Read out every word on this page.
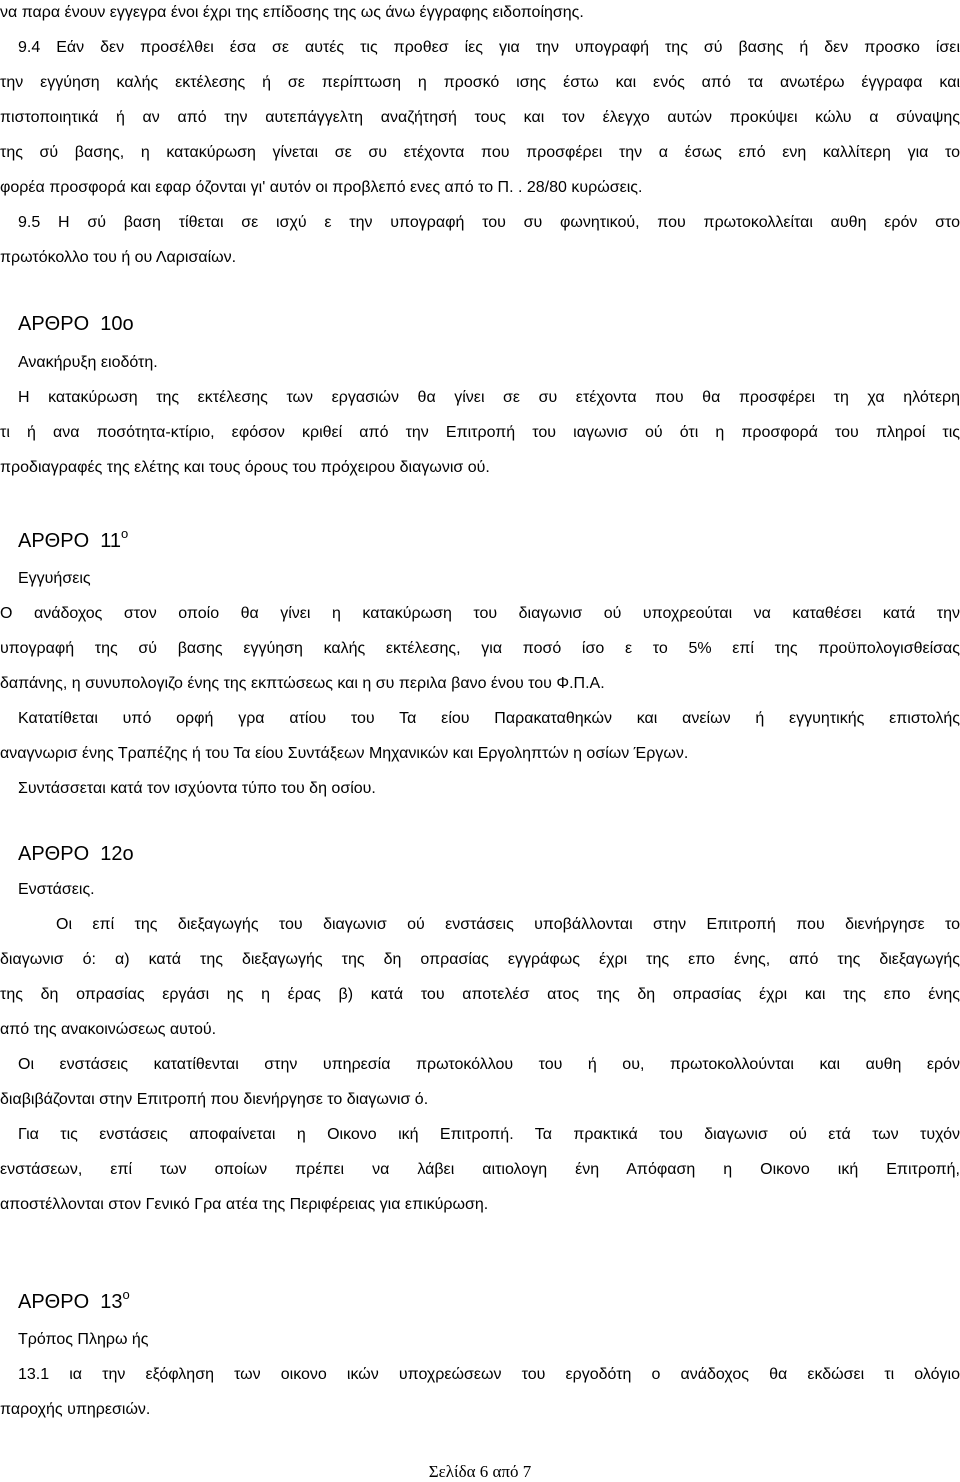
να παρα ένουν εγγεγρα ένοι έχρι της επίδοσης της ως άνω έγγραφης ειδοποίησης.

9.4 Εάν δεν προσέλθει έσα σε αυτές τις προθεσ ίες για την υπογραφή της σύ βασης ή δεν προσκο ίσει

την εγγύηση καλής εκτέλεσης ή σε περίπτωση η προσκό ισης έστω και ενός από τα ανωτέρω έγγραφα και

πιστοποιητικά ή αν από την αυτεπάγγελτη αναζήτησή τους και τον έλεγχο αυτών προκύψει κώλυ α σύναψης

της σύ βασης, η κατακύρωση γίνεται σε συ ετέχοντα που προσφέρει την α έσως επό ενη καλλίτερη για το

φορέα προσφορά και εφαρ όζονται γι' αυτόν οι προβλεπό ενες από το Π. . 28/80 κυρώσεις.

9.5 Η σύ βαση τίθεται σε ισχύ ε την υπογραφή του συ φωνητικού, που πρωτοκολλείται αυθη ερόν στο

πρωτόκολλο του ή ου Λαρισαίων.

ΑΡΘΡΟ  10ο

Ανακήρυξη ειοδότη.

Η κατακύρωση της εκτέλεσης των εργασιών θα γίνει σε συ ετέχοντα που θα προσφέρει τη χα ηλότερη

τι ή ανα ποσότητα-κτίριο, εφόσον κριθεί από την Επιτροπή του ιαγωνισ ού ότι η προσφορά του πληροί τις

προδιαγραφές της ελέτης και τους όρους του πρόχειρου διαγωνισ ού.

ΑΡΘΡΟ  $11^o$

Εγγυήσεις

Ο ανάδοχος στον οποίο θα γίνει η κατακύρωση του διαγωνισ ού υποχρεούται να καταθέσει κατά την

υπογραφή της σύ βασης εγγύηση καλής εκτέλεσης, για ποσό ίσο ε το 5% επί της προϋπολογισθείσας

δαπάνης, η συνυπολογιζο ένης της εκπτώσεως και η συ περιλα βανο ένου του Φ.Π.Α.

Κατατίθεται υπό ορφή γρα ατίου του Τα είου Παρακαταθηκών και ανείων ή εγγυητικής επιστολής

αναγνωρισ ένης Τραπέζης ή του Τα είου Συντάξεων Μηχανικών και Εργοληπτών η οσίων Έργων.

Συντάσσεται κατά τον ισχύοντα τύπο του δη οσίου.

ΑΡΘΡΟ  12ο

Ενστάσεις.

Οι επί της διεξαγωγής του διαγωνισ ού ενστάσεις υποβάλλονται στην Επιτροπή που διενήργησε το

διαγωνισ ό: α) κατά της διεξαγωγής της δη οπρασίας εγγράφως έχρι της επο ένης, από της διεξαγωγής

της δη οπρασίας εργάσι ης η έρας β) κατά του αποτελέσ ατος της δη οπρασίας έχρι και της επο ένης

από της ανακοινώσεως αυτού.

Οι ενστάσεις κατατίθενται στην υπηρεσία πρωτοκόλλου του ή ου, πρωτοκολλούνται και αυθη ερόν

διαβιβάζονται στην Επιτροπή που διενήργησε το διαγωνισ ό.

Για τις ενστάσεις αποφαίνεται η Οικονο ική Επιτροπή. Τα πρακτικά του διαγωνισ ού ετά των τυχόν

ενστάσεων, επί των οποίων πρέπει να λάβει αιτιολογη ένη Απόφαση η Οικονο ική Επιτροπή,

αποστέλλονται στον Γενικό Γρα ατέα της Περιφέρειας για επικύρωση.

ΑΡΘΡΟ  $13^o$

Τρόπος Πληρω ής

13.1 ια την εξόφληση των οικονο ικών υποχρεώσεων του εργοδότη ο ανάδοχος θα εκδώσει τι ολόγιο

παροχής υπηρεσιών.

Σελίδα 6 από 7
